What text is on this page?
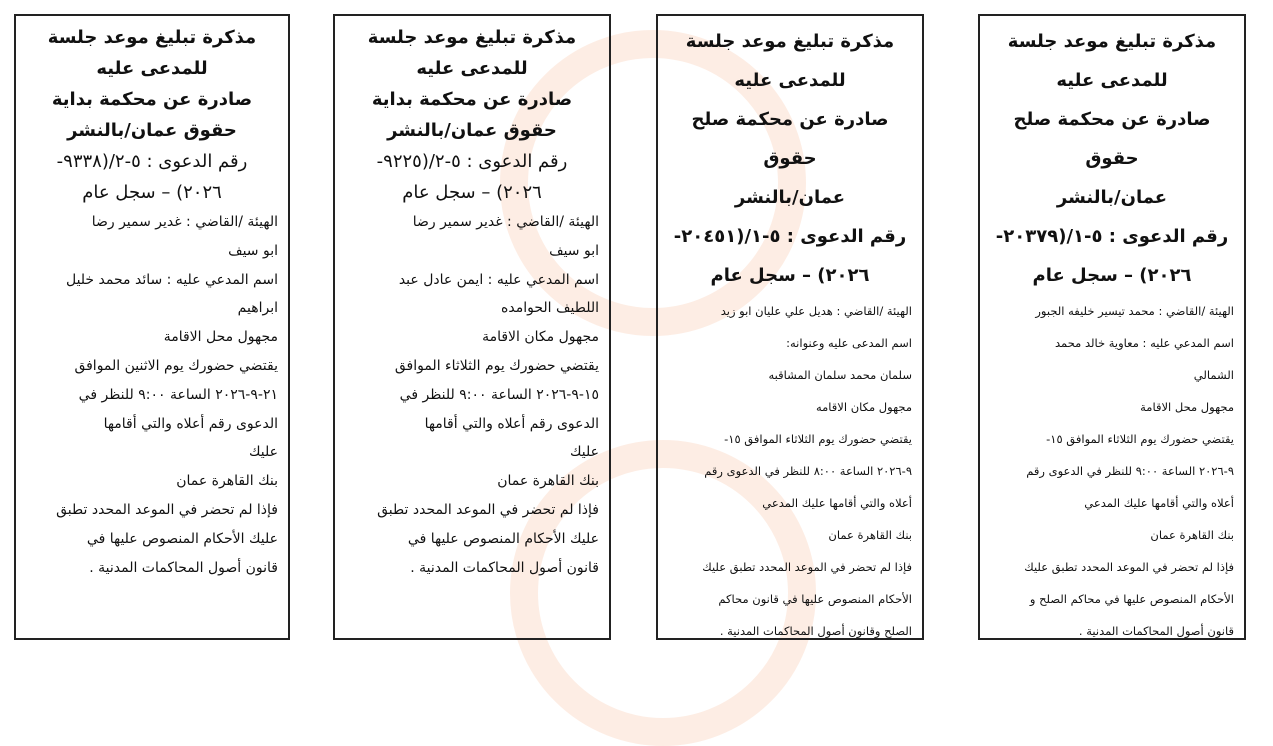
مذكرة تبليغ موعد جلسة
للمدعى عليه
صادرة عن محكمة صلح حقوق
عمان/بالنشر
رقم الدعوى : ٥-١/(٢٠٣٧٩-
٢٠٢٦) – سجل عام
الهيئة /القاضي : محمد تيسير خليفه الجبور
اسم المدعي عليه : معاوية خالد محمد
الشمالي
مجهول محل الاقامة
يقتضي حضورك يوم الثلاثاء الموافق ١٥-
٩-٢٠٢٦ الساعة ٩:٠٠ للنظر في الدعوى رقم
أعلاه والتي أقامها عليك المدعي
بنك القاهرة عمان
فإذا لم تحضر في الموعد المحدد تطبق عليك
الأحكام المنصوص عليها في محاكم الصلح و
قانون أصول المحاكمات المدنية .
مذكرة تبليغ موعد جلسة
للمدعى عليه
صادرة عن محكمة صلح حقوق
عمان/بالنشر
رقم الدعوى : ٥-١/(٢٠٤٥١-
٢٠٢٦) – سجل عام
الهيئة /القاضي : هديل علي عليان ابو زيد
اسم المدعى عليه وعنوانه:
سلمان محمد سلمان المشاقبه
مجهول مكان الاقامه
يقتضي حضورك يوم الثلاثاء الموافق ١٥-
٩-٢٠٢٦ الساعة ٨:٠٠ للنظر في الدعوى رقم
أعلاه والتي أقامها عليك المدعي
بنك القاهرة عمان
فإذا لم تحضر في الموعد المحدد تطبق عليك
الأحكام المنصوص عليها في قانون محاكم
الصلح وقانون أصول المحاكمات المدنية .
مذكرة تبليغ موعد جلسة
للمدعى عليه
صادرة عن محكمة بداية
حقوق عمان/بالنشر
رقم الدعوى : ٥-٢/(٩٢٢٥-
٢٠٢٦) – سجل عام
الهيئة /القاضي : غدير سمير رضا
ابو سيف
اسم المدعي عليه : ايمن عادل عبد
اللطيف الحوامده
مجهول مكان الاقامة
يقتضي حضورك يوم الثلاثاء الموافق
١٥-٩-٢٠٢٦ الساعة ٩:٠٠ للنظر في
الدعوى رقم أعلاه والتي أقامها
عليك
بنك القاهرة عمان
فإذا لم تحضر في الموعد المحدد تطبق
عليك الأحكام المنصوص عليها في
قانون أصول المحاكمات المدنية .
مذكرة تبليغ موعد جلسة
للمدعى عليه
صادرة عن محكمة بداية
حقوق عمان/بالنشر
رقم الدعوى : ٥-٢/(٩٣٣٨-
٢٠٢٦) – سجل عام
الهيئة /القاضي : غدير سمير رضا
ابو سيف
اسم المدعي عليه : سائد محمد خليل
ابراهيم
مجهول محل الاقامة
يقتضي حضورك يوم الاثنين الموافق
٢١-٩-٢٠٢٦ الساعة ٩:٠٠ للنظر في
الدعوى رقم أعلاه والتي أقامها
عليك
بنك القاهرة عمان
فإذا لم تحضر في الموعد المحدد تطبق
عليك الأحكام المنصوص عليها في
قانون أصول المحاكمات المدنية .
